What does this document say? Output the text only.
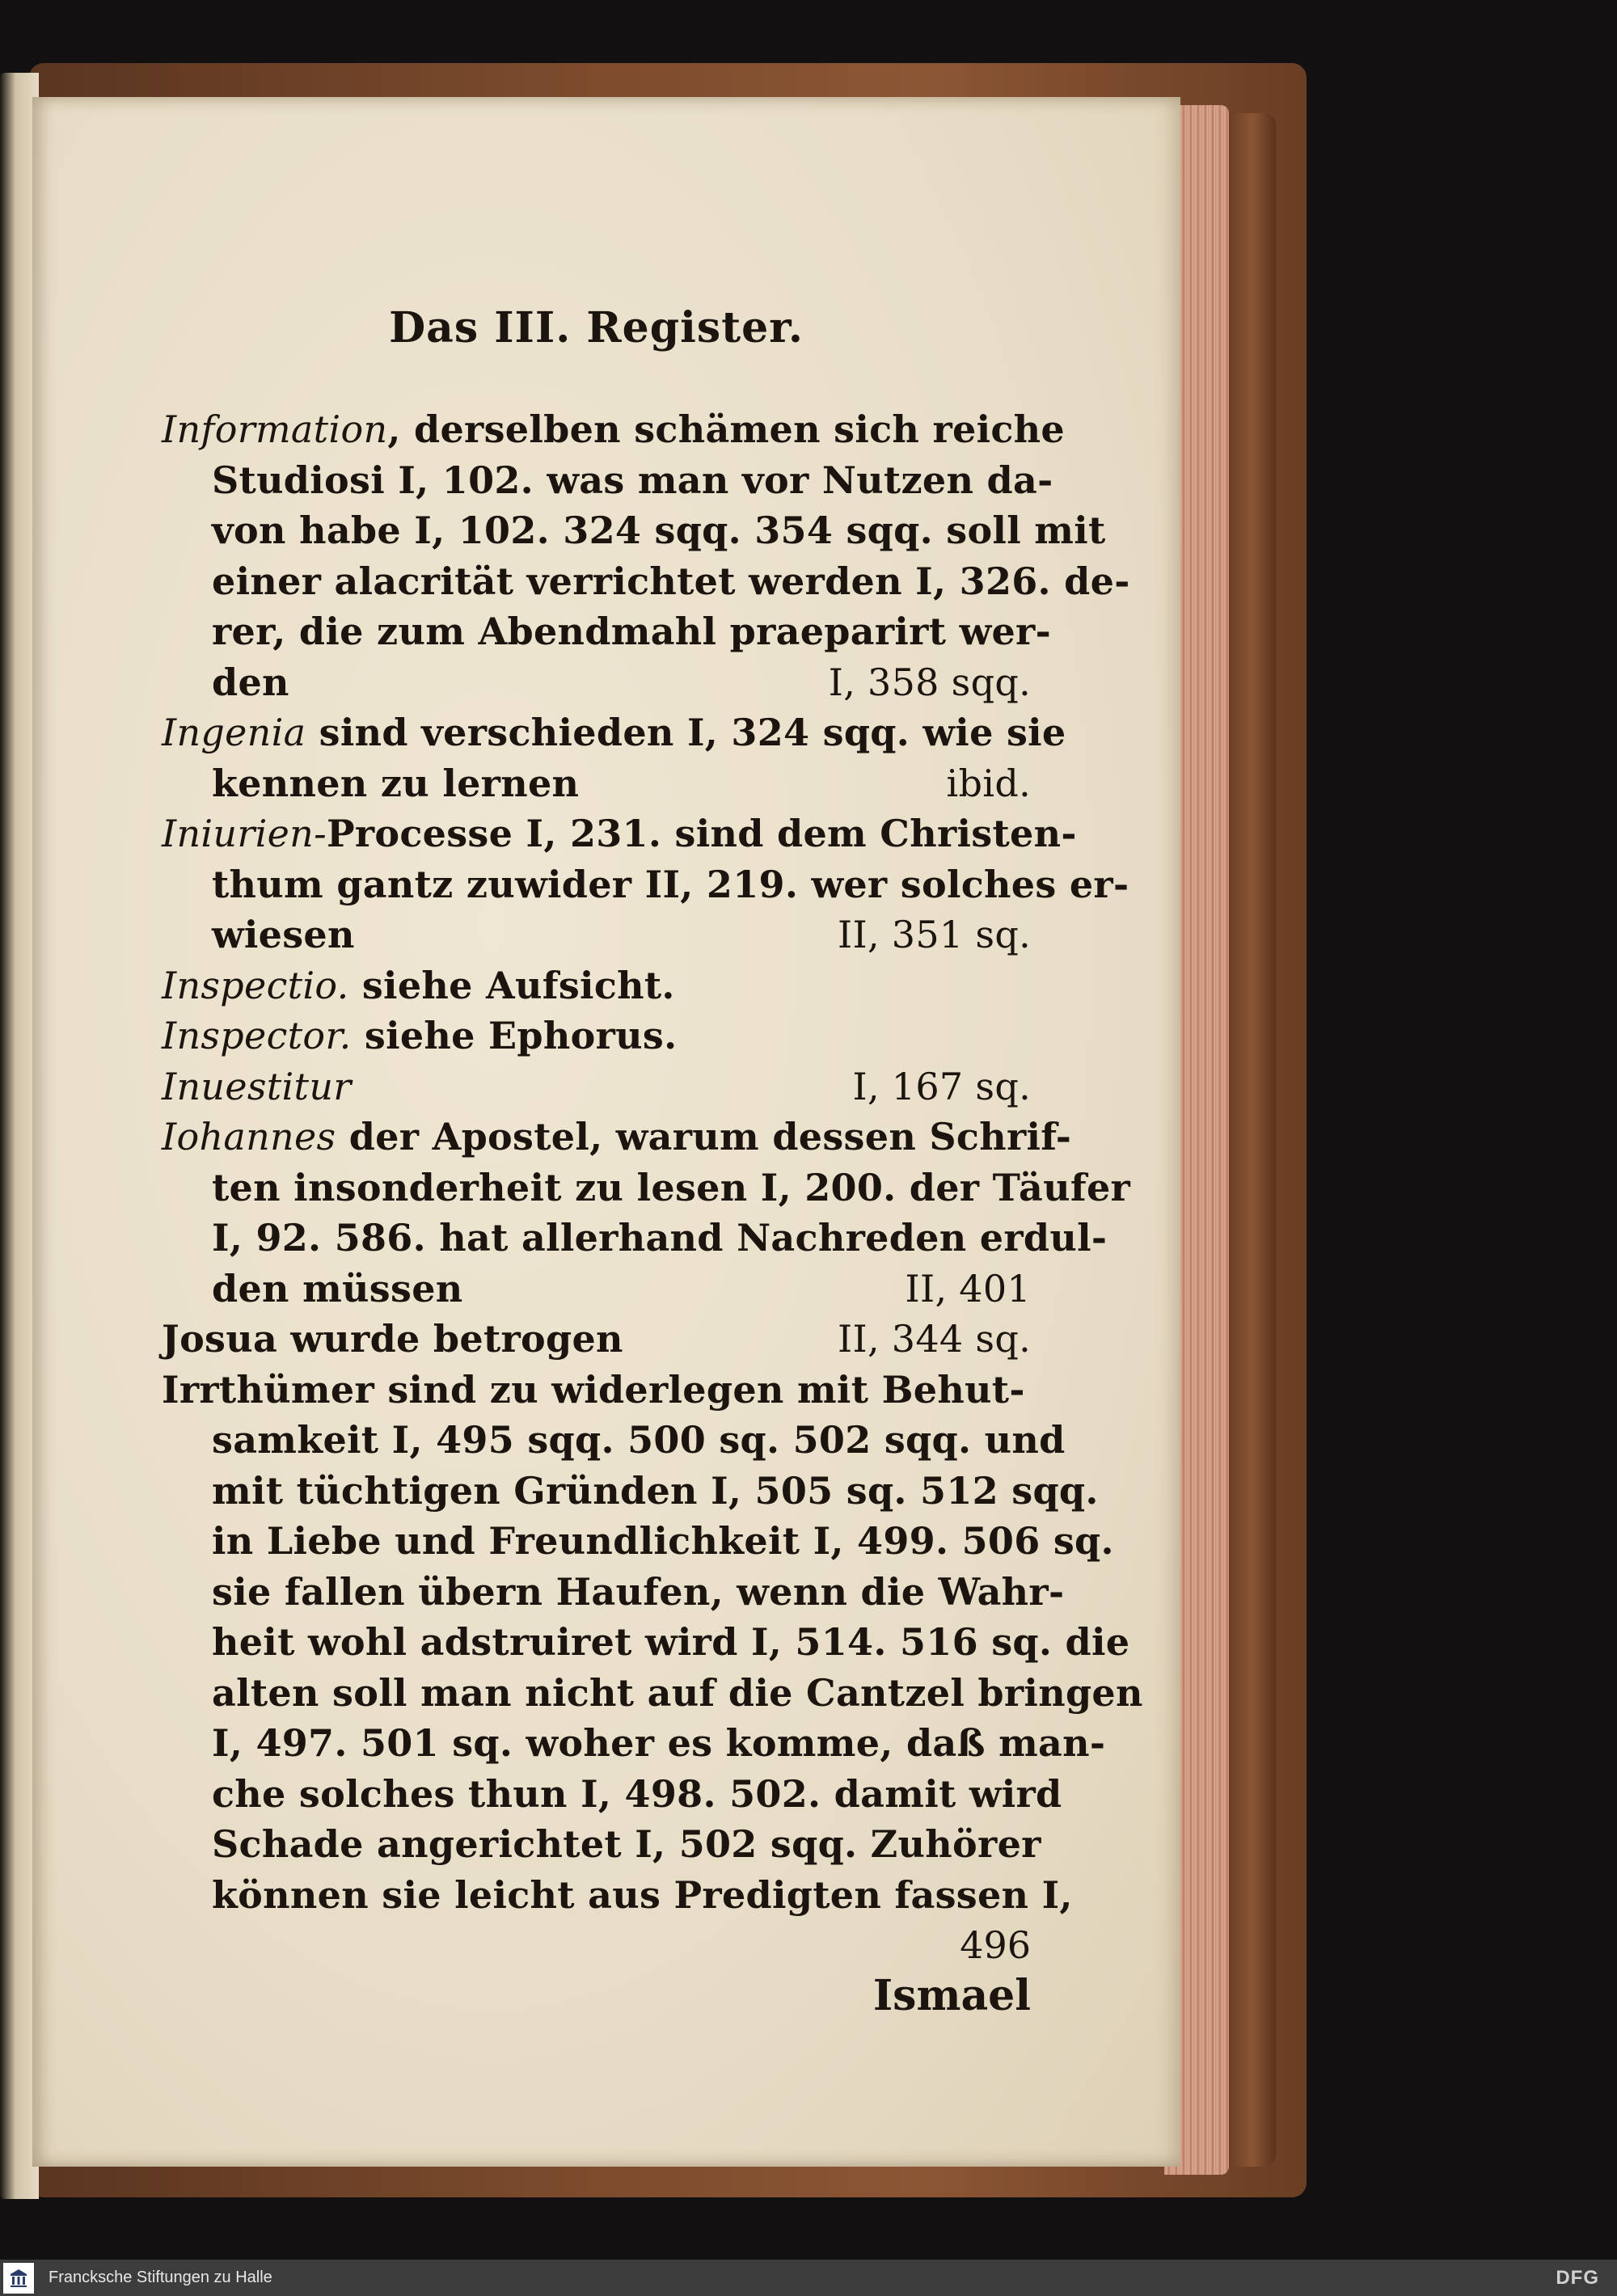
Das III. Register.
Information, derselben schämen sich reiche
Studiosi I, 102. was man vor Nutzen da-
von habe I, 102. 324 sqq. 354 sqq. soll mit
einer alacrität verrichtet werden I, 326. de-
rer, die zum Abendmahl praeparirt wer-
den	I, 358 sqq.
Ingenia sind verschieden I, 324 sqq. wie sie
kennen zu lernen	ibid.
Iniurien-Processe I, 231. sind dem Christen-
thum gantz zuwider II, 219. wer solches er-
wiesen	II, 351 sq.
Inspectio. siehe Aufsicht.
Inspector. siehe Ephorus.
Inuestitur	I, 167 sq.
Iohannes der Apostel, warum dessen Schrif-
ten insonderheit zu lesen I, 200. der Täufer
I, 92. 586. hat allerhand Nachreden erdul-
den müssen	II, 401
Josua wurde betrogen	II, 344 sq.
Irrthümer sind zu widerlegen mit Behut-
samkeit I, 495 sqq. 500 sq. 502 sqq. und
mit tüchtigen Gründen I, 505 sq. 512 sqq.
in Liebe und Freundlichkeit I, 499. 506 sq.
sie fallen übern Haufen, wenn die Wahr-
heit wohl adstruiret wird I, 514. 516 sq. die
alten soll man nicht auf die Cantzel bringen
I, 497. 501 sq. woher es komme, daß man-
che solches thun I, 498. 502. damit wird
Schade angerichtet I, 502 sqq. Zuhörer
können sie leicht aus Predigten fassen I,
496
Ismael
Francksche Stiftungen zu Halle	DFG
